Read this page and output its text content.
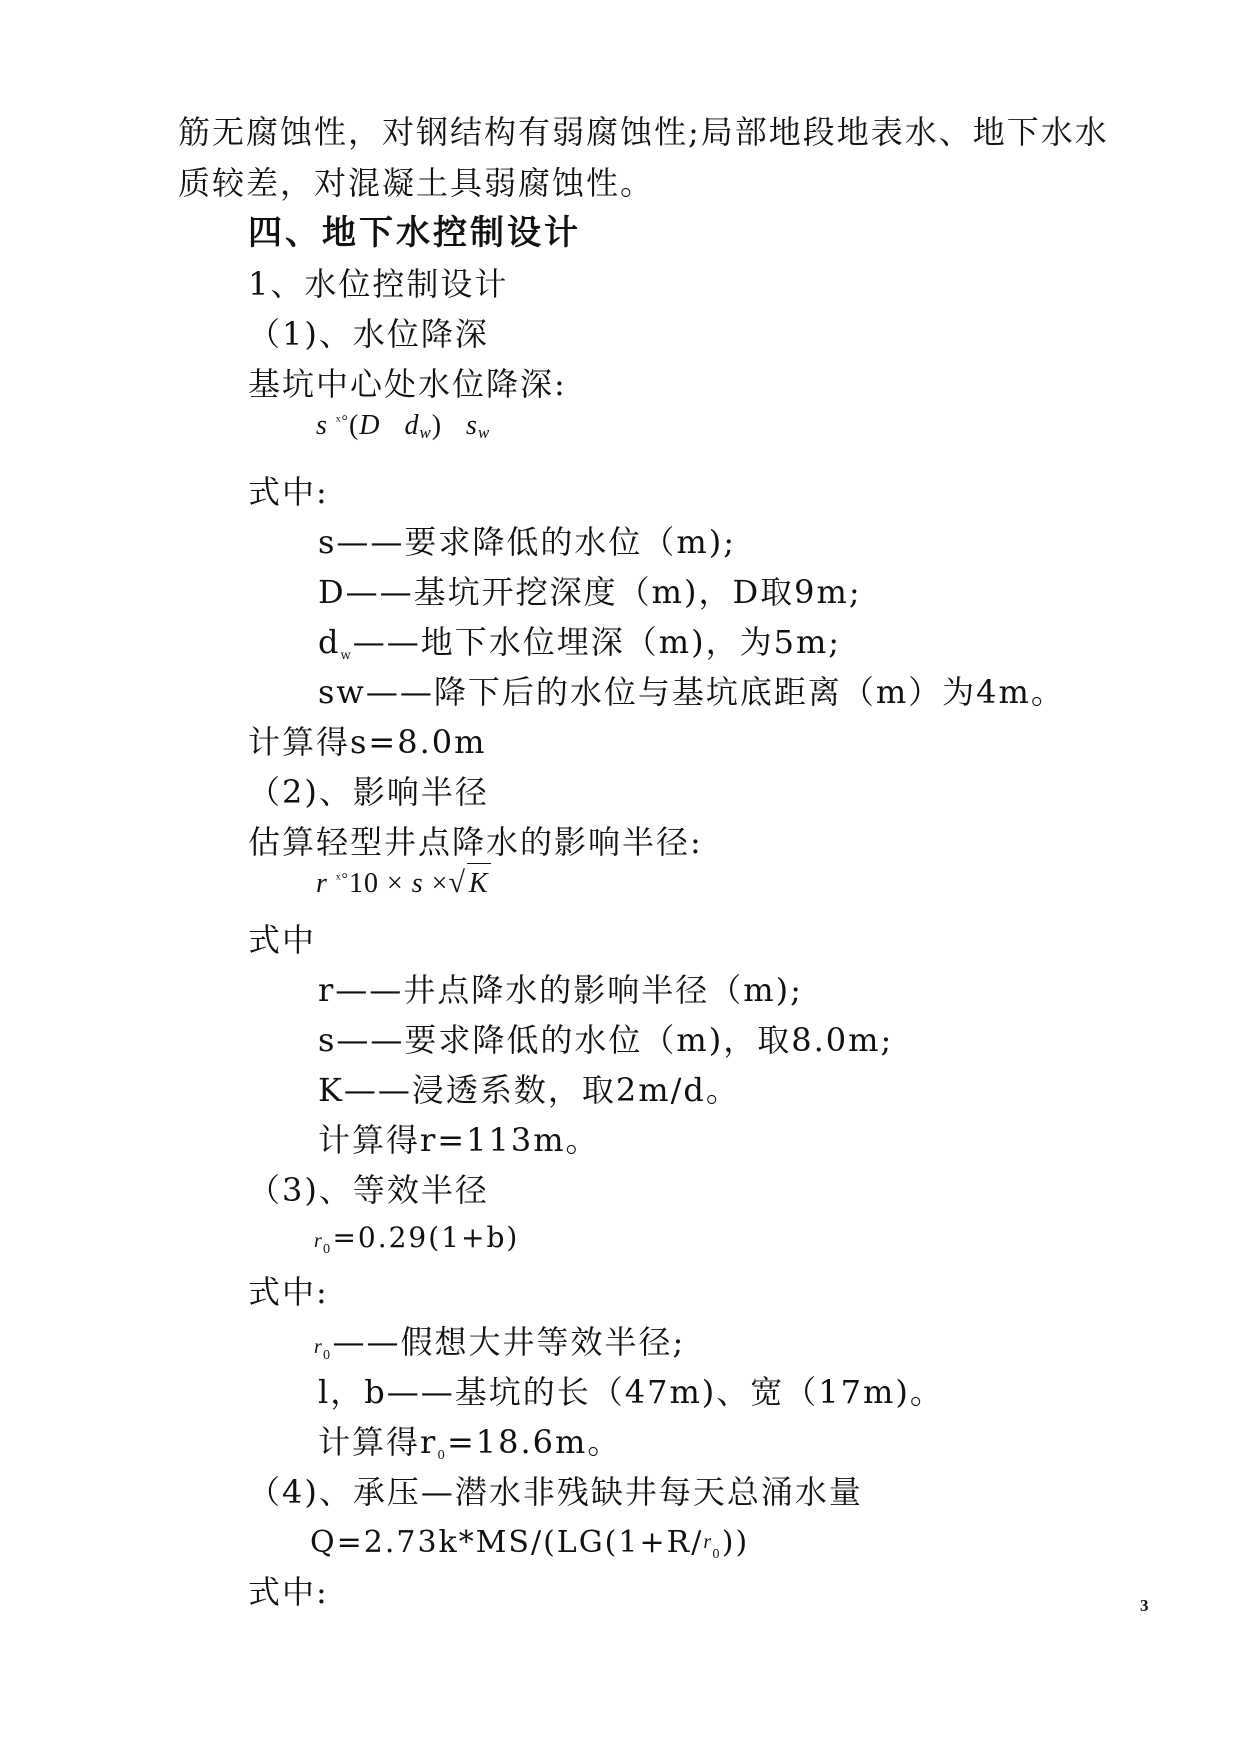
筋无腐蚀性，对钢结构有弱腐蚀性;局部地段地表水、地下水水
质较差，对混凝土具弱腐蚀性。
四、地下水控制设计
1、水位控制设计
（1)、水位降深
基坑中心处水位降深:
s $^{ˣ^\circ}$(D $d_w$) $s_w$
式中:
s——要求降低的水位（m);
D——基坑开挖深度（m)，D取9m;
dw——地下水位埋深（m)，为5m;
sw——降下后的水位与基坑底距离（m）为4m。
计算得s=8.0m
（2)、影响半径
估算轻型井点降水的影响半径:
r $^{ˣ^\circ}$10 × s ×√ K
式中
r——井点降水的影响半径（m);
s——要求降低的水位（m)，取8.0m;
K——浸透系数，取2m/d。
计算得r=113m。
（3)、等效半径
$r_0=0.29(1+b)$
式中:
r0——假想大井等效半径;
l，b——基坑的长（47m)、宽（17m)。
计算得r0=18.6m。
（4)、承压—潜水非残缺井每天总涌水量
$Q=2.73k*MS/(LG(1+R/r_0))$
式中:	3
